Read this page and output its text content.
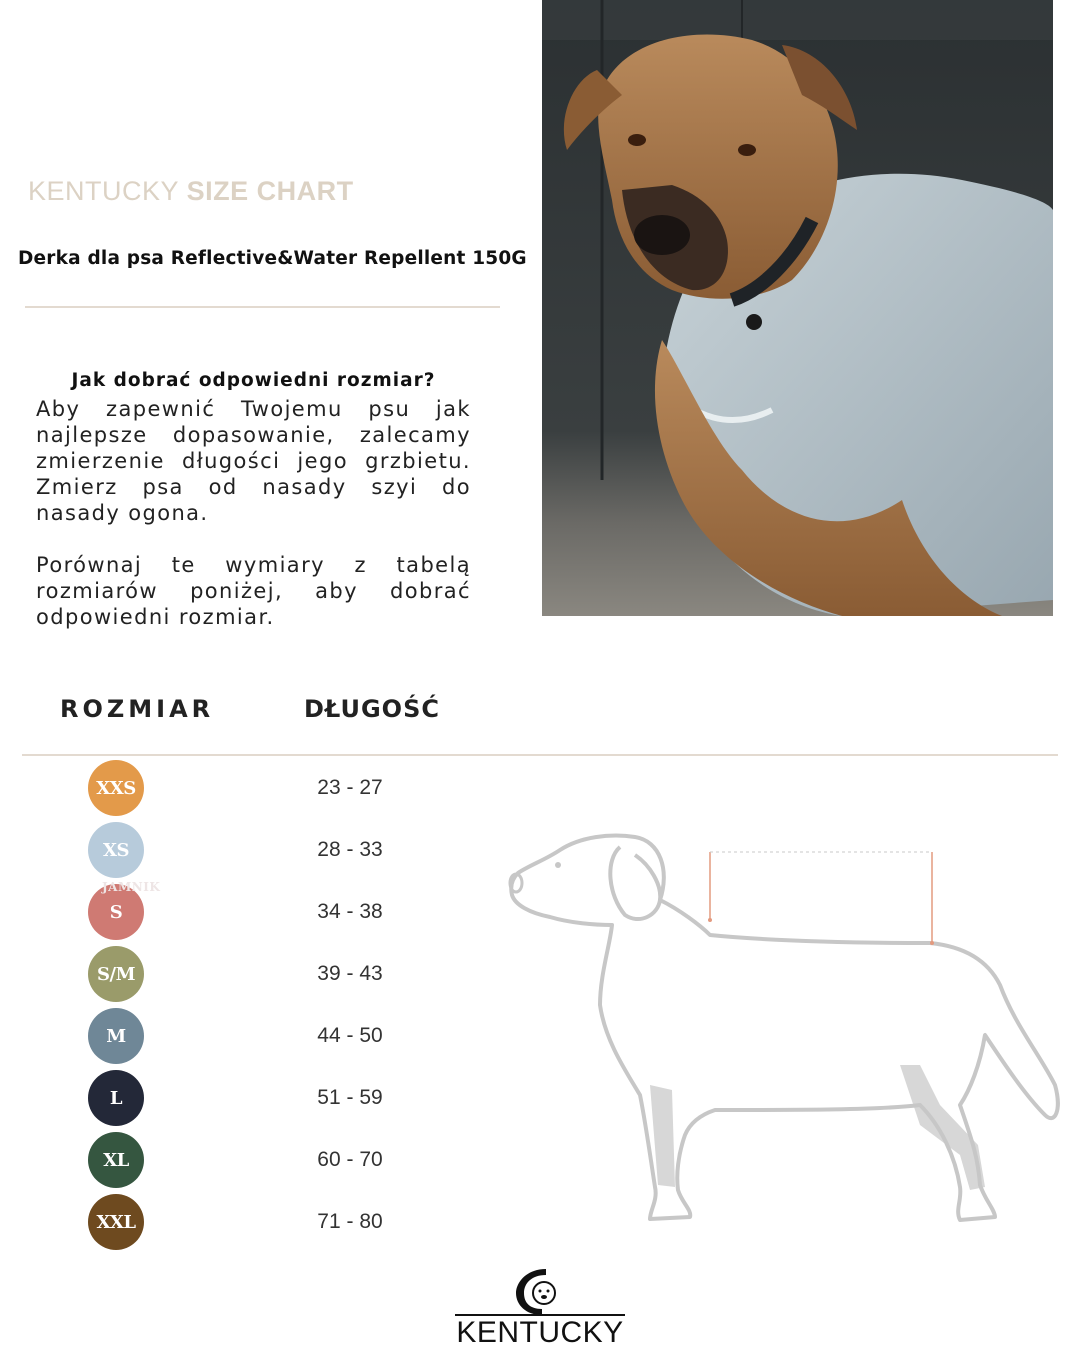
KENTUCKY SIZE CHART
Derka dla psa Reflective&Water Repellent 150G
Jak dobrać odpowiedni rozmiar?
Aby zapewnić Twojemu psu jak najlepsze dopasowanie, zalecamy zmierzenie długości jego grzbietu. Zmierz psa od nasady szyi do nasady ogona.
Porównaj te wymiary z tabelą rozmiarów poniżej, aby dobrać odpowiedni rozmiar.
ROZMIAR	DŁUGOŚĆ
XXS	23 - 27
XS	28 - 33
S	34 - 38
S/M	39 - 43
M	44 - 50
L	51 - 59
XL	60 - 70
XXL	71 - 80
JAMNIK
KENTUCKY
